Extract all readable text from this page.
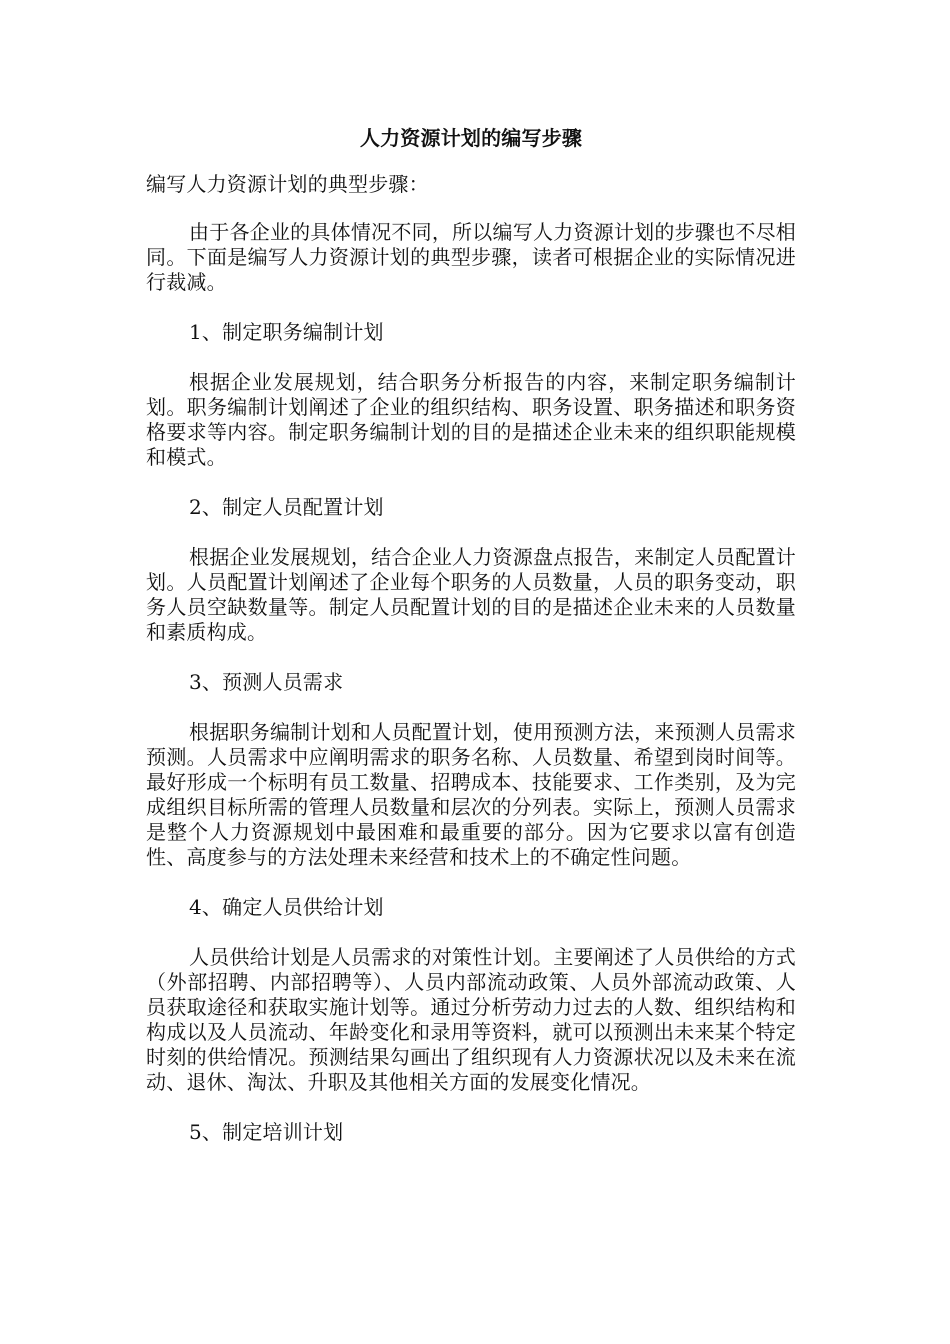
人力资源计划的编写步骤
编写人力资源计划的典型步骤：
由于各企业的具体情况不同，所以编写人力资源计划的步骤也不尽相同。下面是编写人力资源计划的典型步骤，读者可根据企业的实际情况进行裁减。
1、制定职务编制计划
根据企业发展规划，结合职务分析报告的内容，来制定职务编制计划。职务编制计划阐述了企业的组织结构、职务设置、职务描述和职务资格要求等内容。制定职务编制计划的目的是描述企业未来的组织职能规模和模式。
2、制定人员配置计划
根据企业发展规划，结合企业人力资源盘点报告，来制定人员配置计划。人员配置计划阐述了企业每个职务的人员数量，人员的职务变动，职务人员空缺数量等。制定人员配置计划的目的是描述企业未来的人员数量和素质构成。
3、预测人员需求
根据职务编制计划和人员配置计划，使用预测方法，来预测人员需求预测。人员需求中应阐明需求的职务名称、人员数量、希望到岗时间等。最好形成一个标明有员工数量、招聘成本、技能要求、工作类别，及为完成组织目标所需的管理人员数量和层次的分列表。实际上，预测人员需求是整个人力资源规划中最困难和最重要的部分。因为它要求以富有创造性、高度参与的方法处理未来经营和技术上的不确定性问题。
4、确定人员供给计划
人员供给计划是人员需求的对策性计划。主要阐述了人员供给的方式（外部招聘、内部招聘等）、人员内部流动政策、人员外部流动政策、人员获取途径和获取实施计划等。通过分析劳动力过去的人数、组织结构和构成以及人员流动、年龄变化和录用等资料，就可以预测出未来某个特定时刻的供给情况。预测结果勾画出了组织现有人力资源状况以及未来在流动、退休、淘汰、升职及其他相关方面的发展变化情况。
5、制定培训计划
